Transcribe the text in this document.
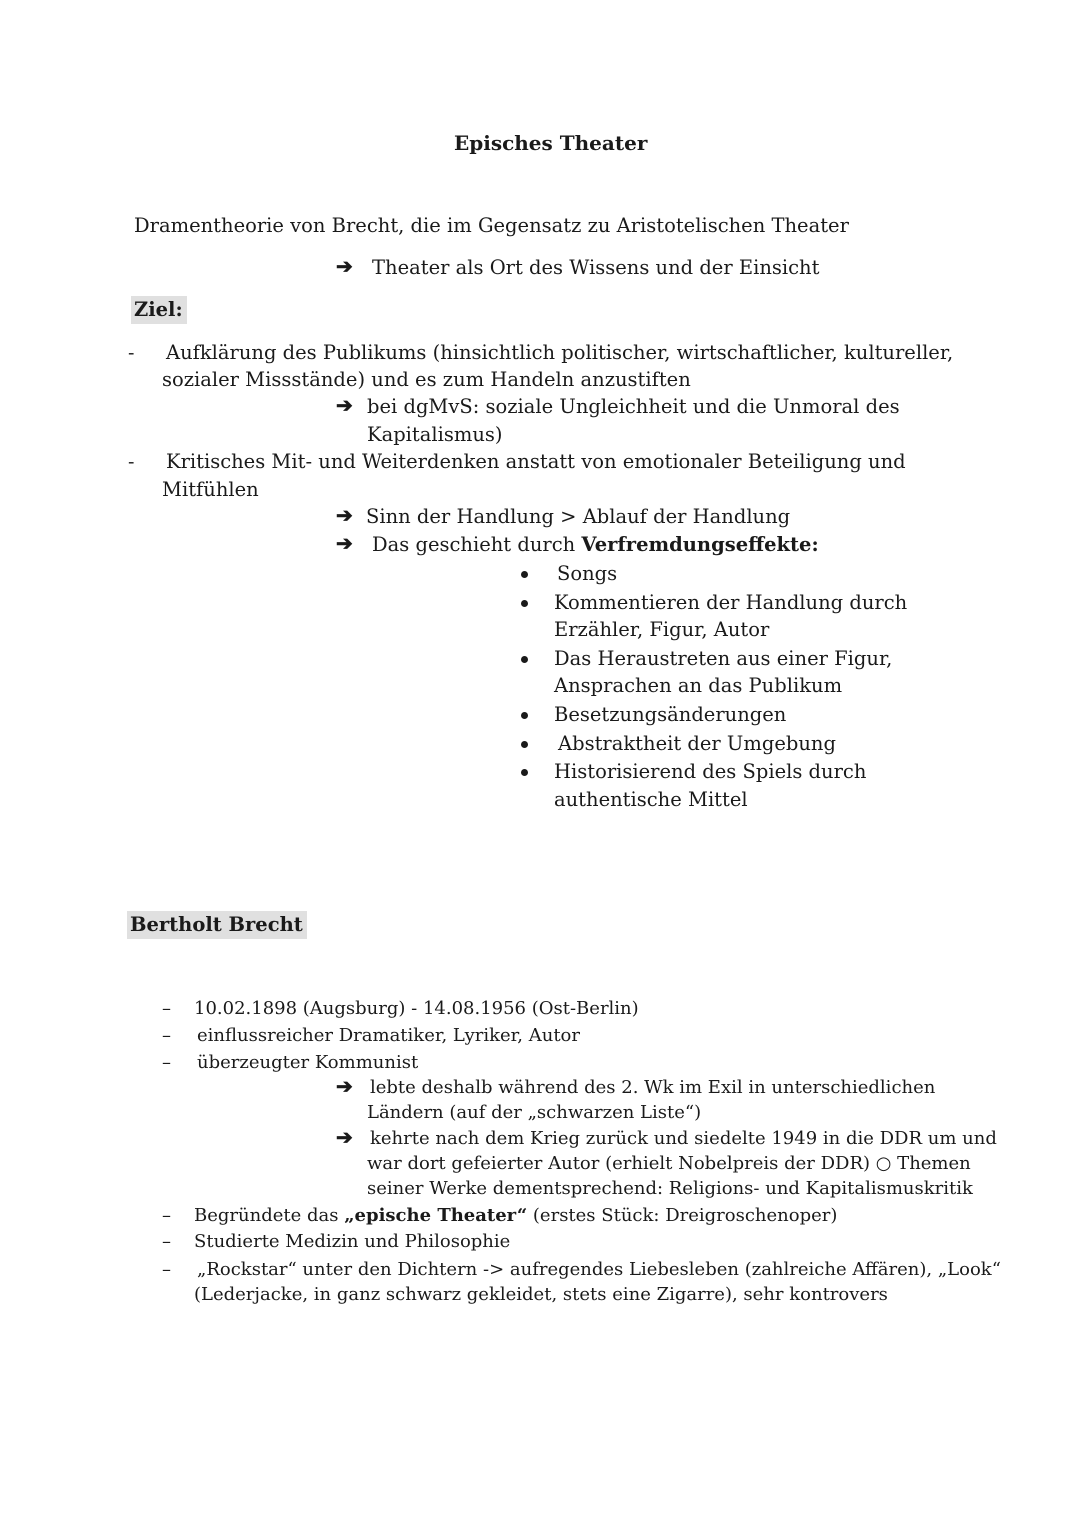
Episches Theater
Dramentheorie von Brecht, die im Gegensatz zu Aristotelischen Theater
➔ Theater als Ort des Wissens und der Einsicht
Ziel:
- Aufklärung des Publikums (hinsichtlich politischer, wirtschaftlicher, kultureller,
sozialer Missstände) und es zum Handeln anzustiften
➔ bei dgMvS: soziale Ungleichheit und die Unmoral des
Kapitalismus)
- Kritisches Mit- und Weiterdenken anstatt von emotionaler Beteiligung und
Mitfühlen
➔ Sinn der Handlung > Ablauf der Handlung
➔ Das geschieht durch Verfremdungseffekte:
Songs
Kommentieren der Handlung durch
Erzähler, Figur, Autor
Das Heraustreten aus einer Figur,
Ansprachen an das Publikum
Besetzungsänderungen
Abstraktheit der Umgebung
Historisierend des Spiels durch
authentische Mittel
Bertholt Brecht
– 10.02.1898 (Augsburg) - 14.08.1956 (Ost-Berlin)
– einflussreicher Dramatiker, Lyriker, Autor
– überzeugter Kommunist
➔ lebte deshalb während des 2. Wk im Exil in unterschiedlichen
Ländern (auf der „schwarzen Liste“)
➔ kehrte nach dem Krieg zurück und siedelte 1949 in die DDR um und
war dort gefeierter Autor (erhielt Nobelpreis der DDR) ○ Themen
seiner Werke dementsprechend: Religions- und Kapitalismuskritik
– Begründete das „epische Theater“ (erstes Stück: Dreigroschenoper)
– Studierte Medizin und Philosophie
– „Rockstar“ unter den Dichtern -> aufregendes Liebesleben (zahlreiche Affären), „Look“
(Lederjacke, in ganz schwarz gekleidet, stets eine Zigarre), sehr kontrovers
